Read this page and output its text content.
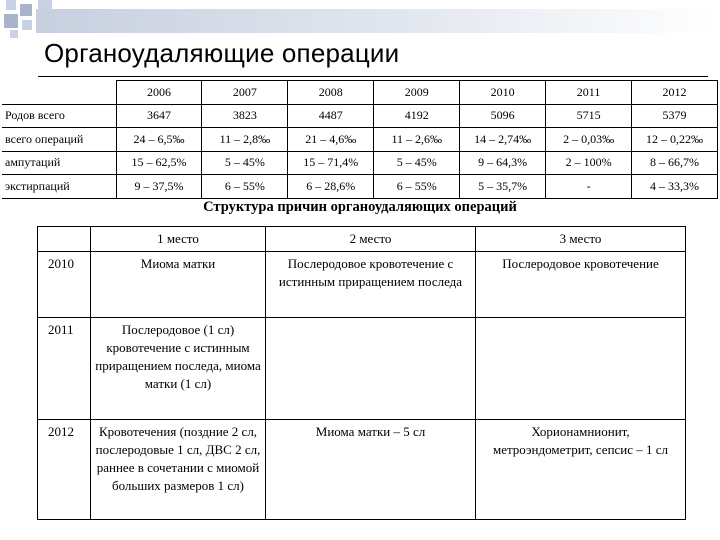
Органоудаляющие операции
	2006	2007	2008	2009	2010	2011	2012
Родов всего	3647	3823	4487	4192	5096	5715	5379
всего операций	24 – 6,5‰	11 – 2,8‰	21 – 4,6‰	11 – 2,6‰	14 – 2,74‰	2 – 0,03‰	12 – 0,22‰
ампутаций	15 – 62,5%	5 – 45%	15 – 71,4%	5 – 45%	9 – 64,3%	2 – 100%	8 – 66,7%
экстирпаций	9 – 37,5%	6 – 55%	6 – 28,6%	6 – 55%	5 – 35,7%	-	4 – 33,3%
Структура причин органоудаляющих операций
	1 место	2 место	3 место
2010	Миома матки	Послеродовое кровотечение с истинным приращением последа	Послеродовое кровотечение
2011	Послеродовое (1 сл) кровотечение с истинным приращением последа, миома матки (1 сл)		
2012	Кровотечения (поздние 2 сл, послеродовые 1 сл, ДВС 2 сл, раннее в сочетании с миомой больших размеров 1 сл)	Миома матки – 5 сл	Хорионамнионит, метроэндометрит, сепсис – 1 сл
